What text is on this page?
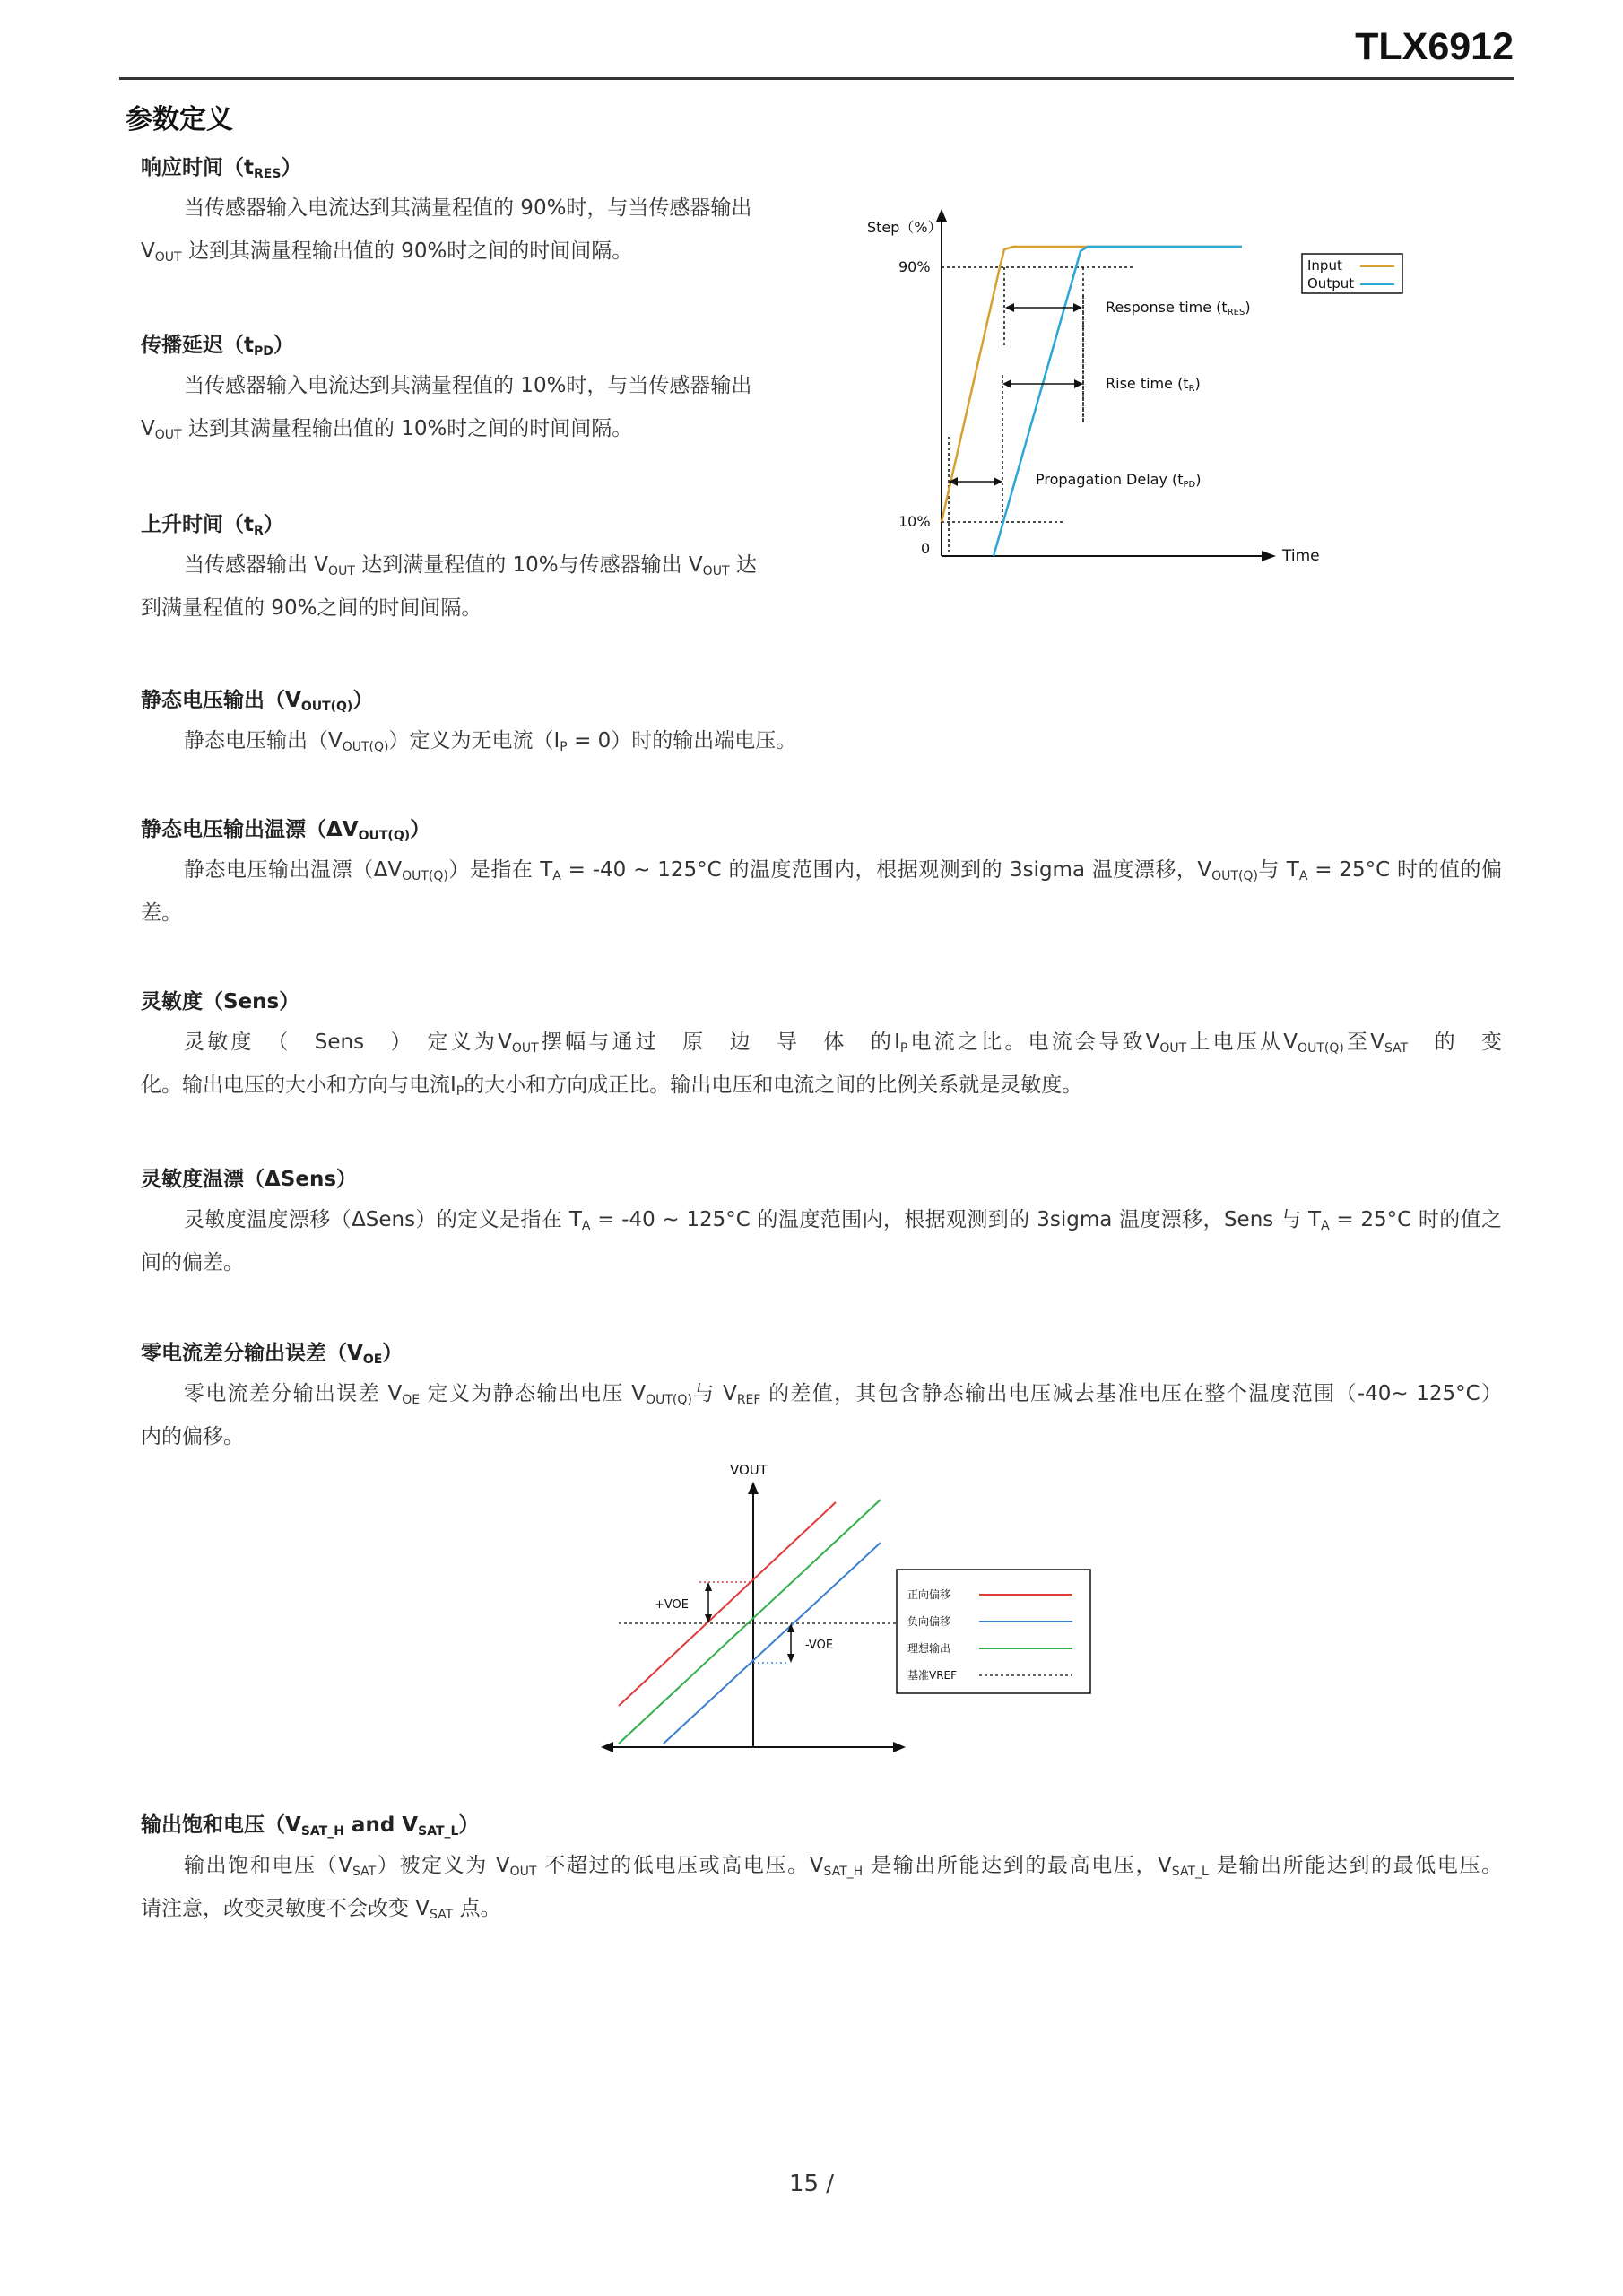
TLX6912
参数定义
响应时间$(t_{RES})$
当传感器输入电流达到其满量程值的 90%时，与当传感器输出
$V_{OUT}$ 达到其满量程输出值的 90%时之间的时间间隔。
传播延迟$(t_{PD})$
当传感器输入电流达到其满量程值的 10%时，与当传感器输出
$V_{OUT}$ 达到其满量程输出值的 10%时之间的时间间隔。
上升时间$(t_R)$
当传感器输出 $V_{OUT}$ 达到满量程值的 10%与传感器输出 $V_{OUT}$ 达
到满量程值的 90%之间的时间间隔。
Step（%）
Time
90%
10%
0
Response time (tRES)
Rise time (tR)
Propagation Delay (tPD)
Input
Output
静态电压输出$(V_{OUT(Q)})$
静态电压输出$(V_{OUT(Q)})$定义为无电流$(I_P = 0)$时的输出端电压。
静态电压输出温漂$(\Delta V_{OUT(Q)})$
静态电压输出温漂$(\Delta V_{OUT(Q)})$是指在 $T_A = -40$ ~ 125°C 的温度范围内，根据观测到的 3sigma 温度漂移，$V_{OUT(Q)}$与 $T_A = 25^\circ C$ 时的值的偏
差。
灵敏度（Sens）
灵敏度　（　Sens　）　定义为$V_{OUT}$摆幅与通过　原　边　导　体　的$I_P$电流之比。电流会导致$V_{OUT}$上电压从$V_{OUT(Q)}$至$V_{SAT}$　的　变
化。输出电压的大小和方向与电流$I_P$的大小和方向成正比。输出电压和电流之间的比例关系就是灵敏度。
灵敏度温漂（ΔSens）
灵敏度温度漂移（ΔSens）的定义是指在 $T_A = -40$ ~ 125°C 的温度范围内，根据观测到的 3sigma 温度漂移，Sens 与 $T_A = 25^\circ C$ 时的值之
间的偏差。
零电流差分输出误差$(V_{OE})$
零电流差分输出误差 $V_{OE}$ 定义为静态输出电压 $V_{OUT(Q)}$与 $V_{REF}$ 的差值，其包含静态输出电压减去基准电压在整个温度范围（-40~ 125°C）
内的偏移。
VOUT
+VOE
-VOE
正向偏移
负向偏移
理想输出
基准VREF
输出饱和电压（$V_{SAT\_H}$ and $V_{SAT\_L}$）
输出饱和电压$(V_{SAT})$被定义为 $V_{OUT}$ 不超过的低电压或高电压。$V_{SAT\_H}$ 是输出所能达到的最高电压，$V_{SAT\_L}$ 是输出所能达到的最低电压。
请注意，改变灵敏度不会改变 $V_{SAT}$ 点。
15 /
